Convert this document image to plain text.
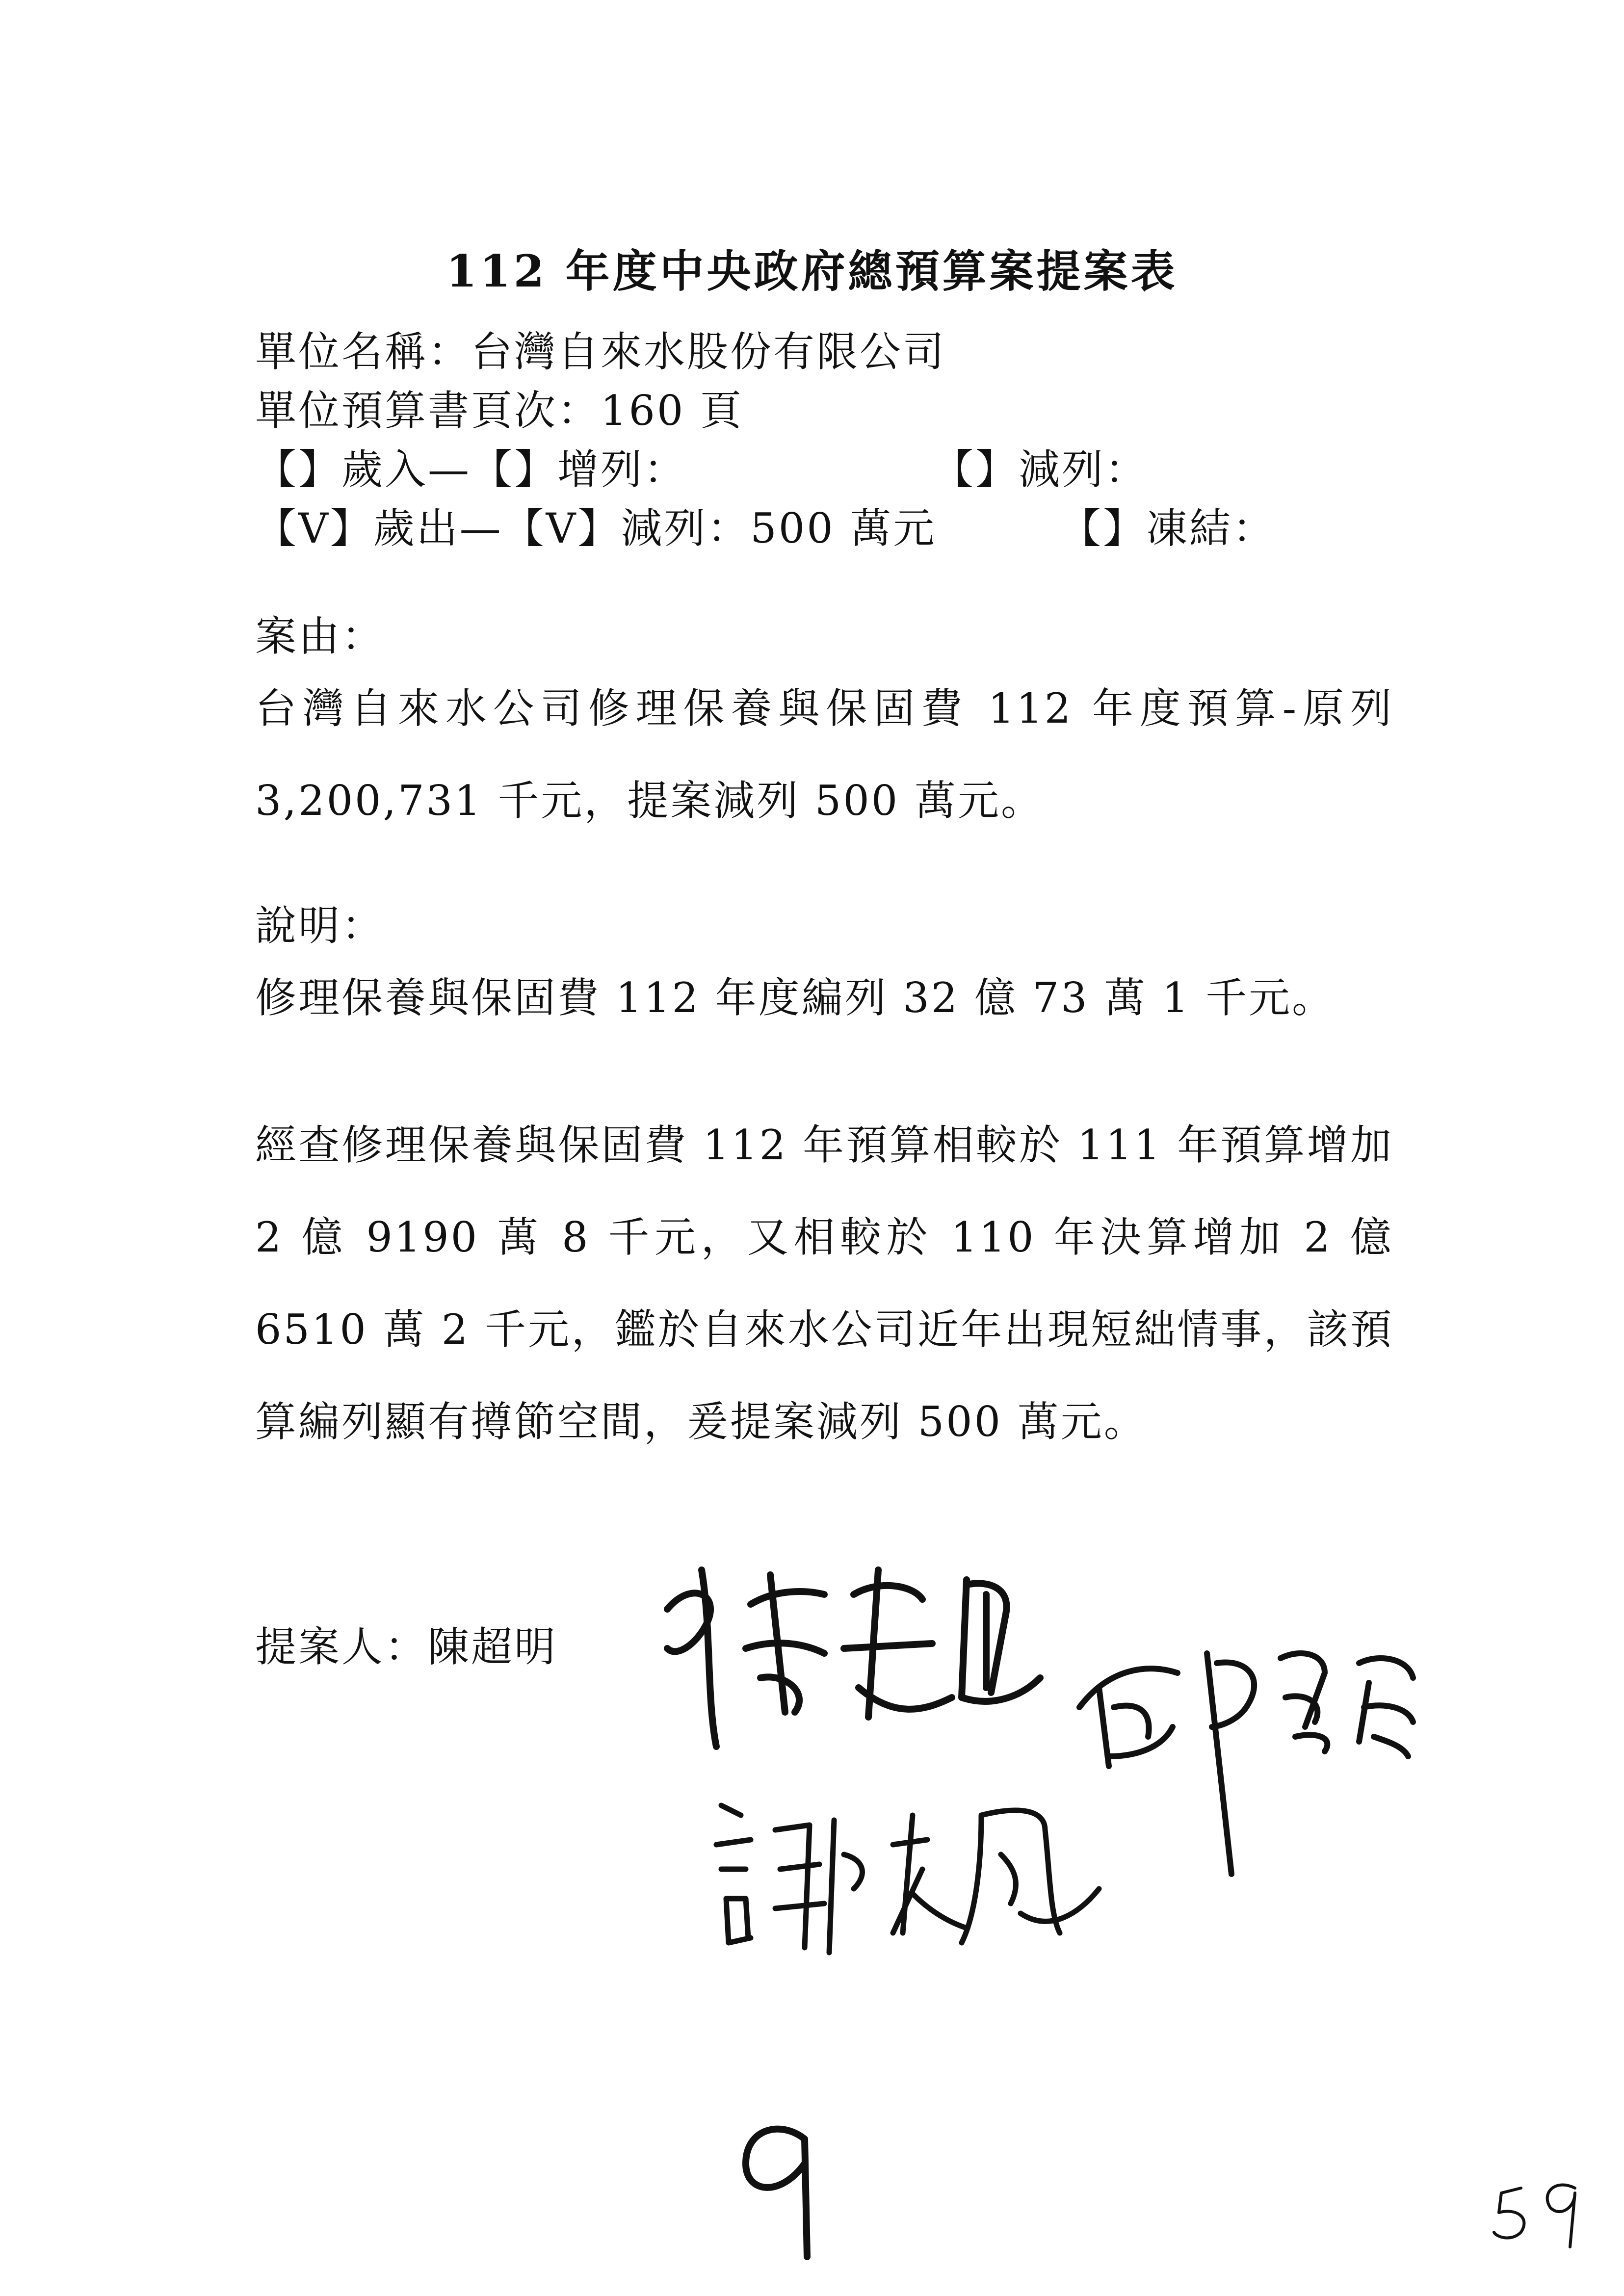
112 年度中央政府總預算案提案表
單位名稱：台灣自來水股份有限公司
單位預算書頁次：160 頁
【】歲入—【】增列：	【】減列：
【V】歲出—【V】減列：500 萬元	【】凍結：
案由：
台灣自來水公司修理保養與保固費 112 年度預算-原列 3,200,731 千元，提案減列 500 萬元。
說明：
修理保養與保固費 112 年度編列 32 億 73 萬 1 千元。
經查修理保養與保固費 112 年預算相較於 111 年預算增加 2 億 9190 萬 8 千元，又相較於 110 年決算增加 2 億 6510 萬 2 千元，鑑於自來水公司近年出現短絀情事，該預算編列顯有撙節空間，爰提案減列 500 萬元。
提案人：陳超明
